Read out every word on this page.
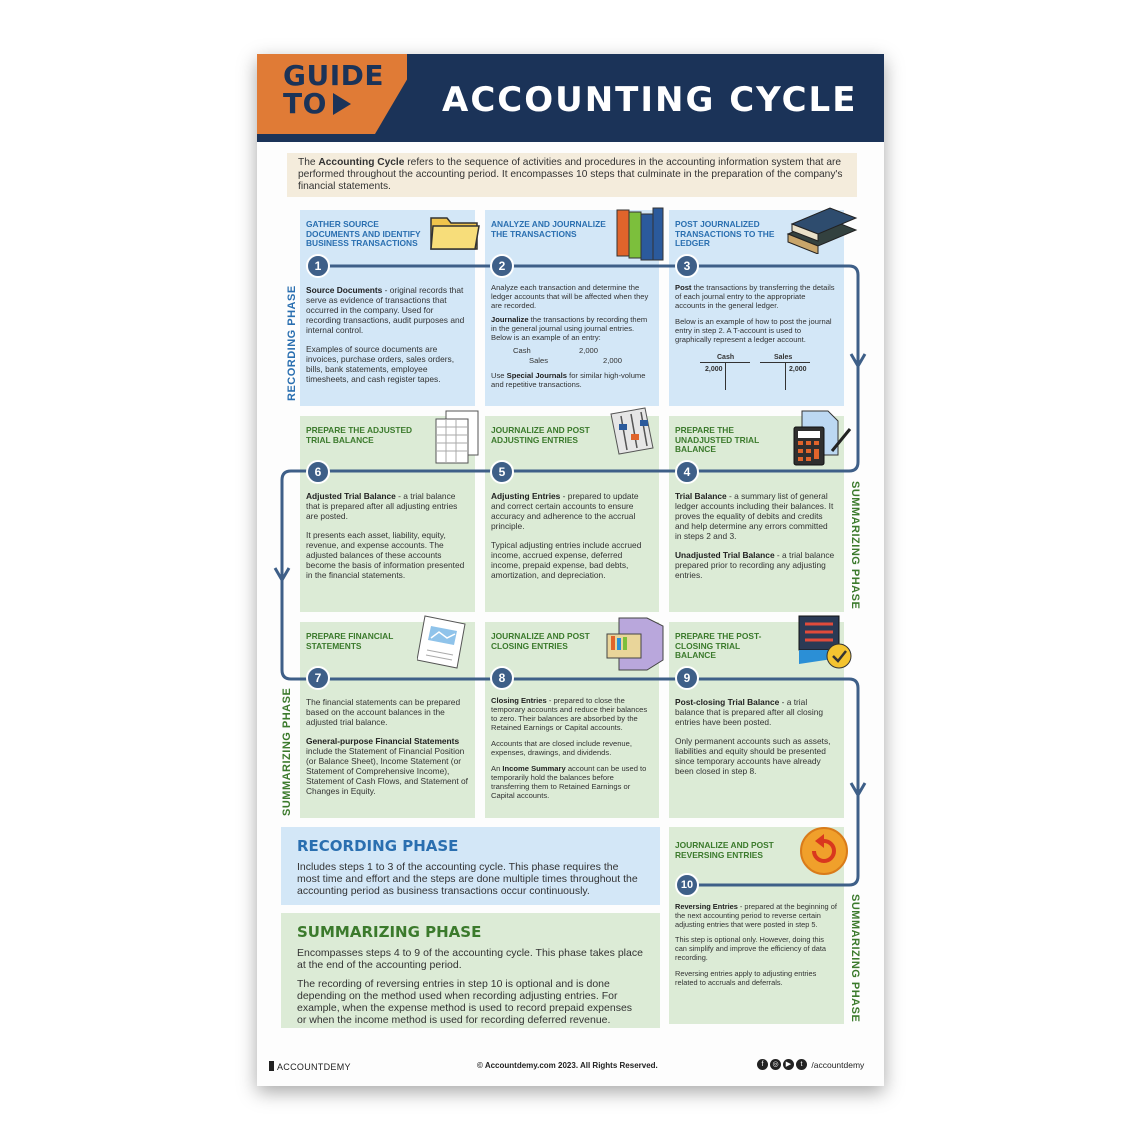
GUIDE
TO	ACCOUNTING CYCLE
The Accounting Cycle refers to the sequence of activities and procedures in the accounting information system that are performed throughout the accounting period. It encompasses 10 steps that culminate in the preparation of the company's financial statements.
GATHER SOURCE DOCUMENTS AND IDENTIFY BUSINESS TRANSACTIONS

Source Documents - original records that serve as evidence of transactions that occurred in the company. Used for recording transactions, audit purposes and internal control.

Examples of source documents are invoices, purchase orders, sales orders, bills, bank statements, employee timesheets, and cash register tapes.

ANALYZE AND JOURNALIZE THE TRANSACTIONS

Analyze each transaction and determine the ledger accounts that will be affected when they are recorded.

Journalize the transactions by recording them in the general journal using journal entries. Below is an example of an entry:

Cash	2,000
Sales	2,000

Use Special Journals for similar high-volume and repetitive transactions.

POST JOURNALIZED TRANSACTIONS TO THE LEDGER

Post the transactions by transferring the details of each journal entry to the appropriate accounts in the general ledger.

Below is an example of how to post the journal entry in step 2. A T-account is used to graphically represent a ledger account.

Cash
2,000
Sales
2,000
PREPARE THE ADJUSTED TRIAL BALANCE

Adjusted Trial Balance - a trial balance that is prepared after all adjusting entries are posted.

It presents each asset, liability, equity, revenue, and expense accounts. The adjusted balances of these accounts become the basis of information presented in the financial statements.

JOURNALIZE AND POST ADJUSTING ENTRIES

Adjusting Entries - prepared to update and correct certain accounts to ensure accuracy and adherence to the accrual principle.

Typical adjusting entries include accrued income, accrued expense, deferred income, prepaid expense, bad debts, amortization, and depreciation.

PREPARE THE UNADJUSTED TRIAL BALANCE

Trial Balance - a summary list of general ledger accounts including their balances. It proves the equality of debits and credits and help determine any errors committed in steps 2 and 3.

Unadjusted Trial Balance - a trial balance prepared prior to recording any adjusting entries.

PREPARE FINANCIAL STATEMENTS

The financial statements can be prepared based on the account balances in the adjusted trial balance.

General-purpose Financial Statements include the Statement of Financial Position (or Balance Sheet), Income Statement (or Statement of Comprehensive Income), Statement of Cash Flows, and Statement of Changes in Equity.

JOURNALIZE AND POST CLOSING ENTRIES

Closing Entries - prepared to close the temporary accounts and reduce their balances to zero. Their balances are absorbed by the Retained Earnings or Capital accounts.

Accounts that are closed include revenue, expenses, drawings, and dividends.

An Income Summary account can be used to temporarily hold the balances before transferring them to Retained Earnings or Capital accounts.

PREPARE THE POST-CLOSING TRIAL BALANCE

Post-closing Trial Balance - a trial balance that is prepared after all closing entries have been posted.

Only permanent accounts such as assets, liabilities and equity should be presented since temporary accounts have already been closed in step 8.

RECORDING PHASE

Includes steps 1 to 3 of the accounting cycle. This phase requires the most time and effort and the steps are done multiple times throughout the accounting period as business transactions occur continuously.

SUMMARIZING PHASE

Encompasses steps 4 to 9 of the accounting cycle. This phase takes place at the end of the accounting period.

The recording of reversing entries in step 10 is optional and is done depending on the method used when recording adjusting entries. For example, when the expense method is used to record prepaid expenses or when the income method is used for recording deferred revenue.

JOURNALIZE AND POST REVERSING ENTRIES

Reversing Entries - prepared at the beginning of the next accounting period to reverse certain adjusting entries that were posted in step 5.

This step is optional only. However, doing this can simplify and improve the efficiency of data recording.

Reversing entries apply to adjusting entries related to accruals and deferrals.

1	2	3
4
5
6
7	8	9
10
RECORDING PHASE
SUMMARIZING PHASE
SUMMARIZING PHASE
SUMMARIZING PHASE
ACCOUNTDEMY	© Accountdemy.com 2023. All Rights Reserved.	f ◎ ▶ t /accountdemy
